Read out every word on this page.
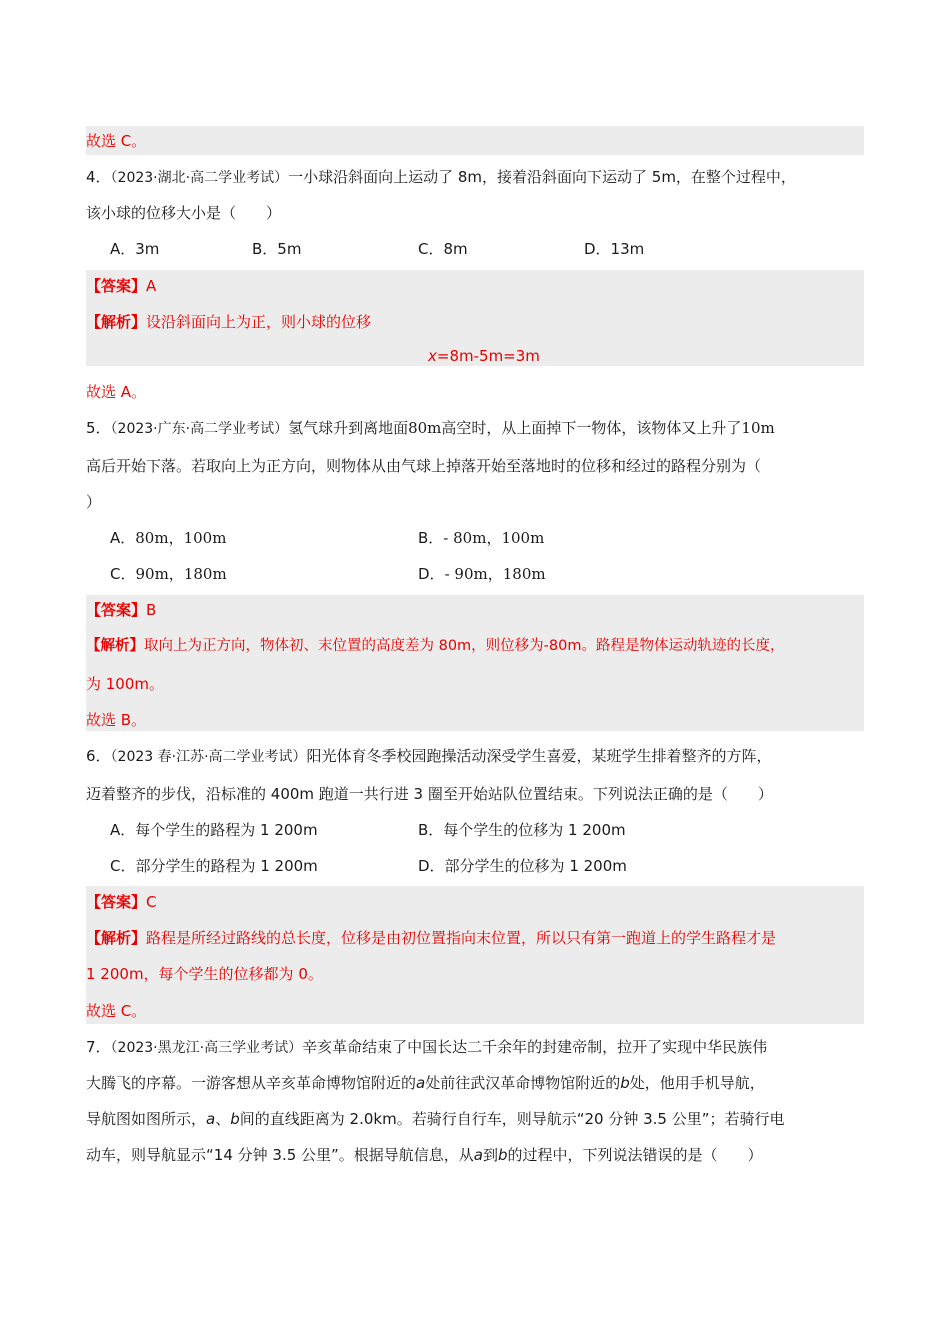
故选 C。
4．（2023·湖北·高二学业考试）一小球沿斜面向上运动了 8m，接着沿斜面向下运动了 5m，在整个过程中，
该小球的位移大小是（　　）
A．3m	B．5m	C．8m	D．13m
【答案】A
【解析】设沿斜面向上为正，则小球的位移
x=8m-5m=3m
故选 A。
5．（2023·广东·高二学业考试）氢气球升到离地面80m高空时，从上面掉下一物体，该物体又上升了10m
高后开始下落。若取向上为正方向，则物体从由气球上掉落开始至落地时的位移和经过的路程分别为（
）
A．80m，100m	B．- 80m，100m
C．90m，180m	D．- 90m，180m
【答案】B
【解析】取向上为正方向，物体初、末位置的高度差为 80m，则位移为-80m。路程是物体运动轨迹的长度，
为 100m。
故选 B。
6．（2023 春·江苏·高二学业考试）阳光体育冬季校园跑操活动深受学生喜爱，某班学生排着整齐的方阵，
迈着整齐的步伐，沿标准的 400m 跑道一共行进 3 圈至开始站队位置结束。下列说法正确的是（　　）
A．每个学生的路程为 1 200m	B．每个学生的位移为 1 200m
C．部分学生的路程为 1 200m	D．部分学生的位移为 1 200m
【答案】C
【解析】路程是所经过路线的总长度，位移是由初位置指向末位置，所以只有第一跑道上的学生路程才是
1 200m，每个学生的位移都为 0。
故选 C。
7．（2023·黑龙江·高三学业考试）辛亥革命结束了中国长达二千余年的封建帝制，拉开了实现中华民族伟
大腾飞的序幕。一游客想从辛亥革命博物馆附近的a处前往武汉革命博物馆附近的b处，他用手机导航，
导航图如图所示，a、b间的直线距离为 2.0km。若骑行自行车，则导航示“20 分钟 3.5 公里”；若骑行电
动车，则导航显示“14 分钟 3.5 公里”。根据导航信息，从a到b的过程中，下列说法错误的是（　　）
